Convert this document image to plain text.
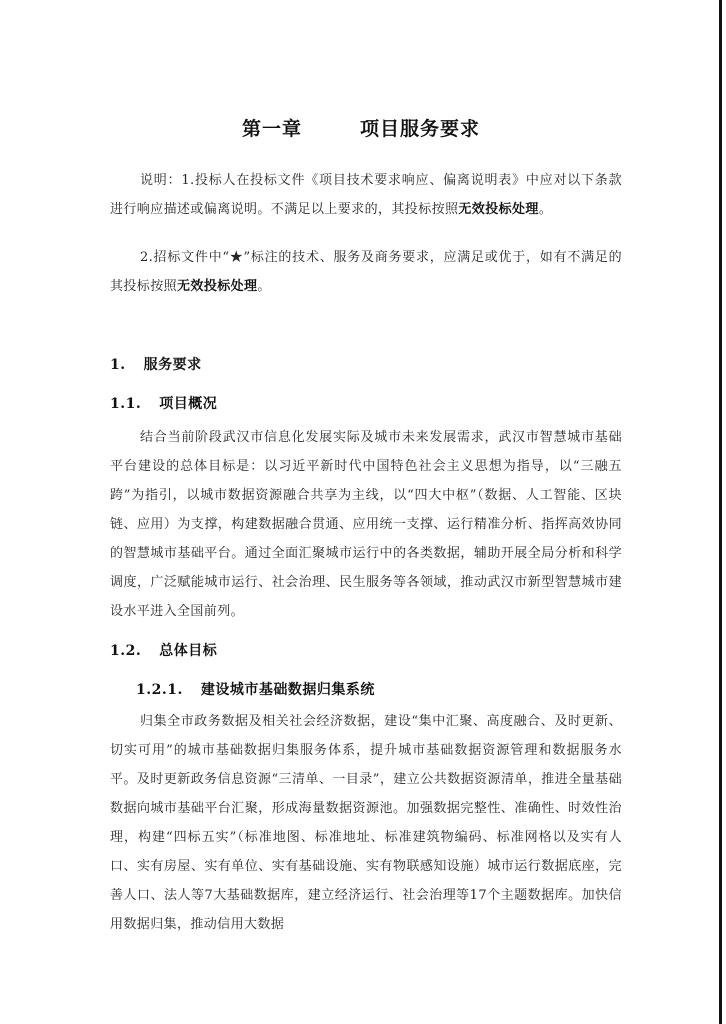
第一章	项目服务要求
说明：1.投标人在投标文件《项目技术要求响应、偏离说明表》中应对以下条款进行响应描述或偏离说明。不满足以上要求的，其投标按照无效投标处理。
2.招标文件中“★”标注的技术、服务及商务要求，应满足或优于，如有不满足的其投标按照无效投标处理。
1. 服务要求
1.1. 项目概况
结合当前阶段武汉市信息化发展实际及城市未来发展需求，武汉市智慧城市基础平台建设的总体目标是：以习近平新时代中国特色社会主义思想为指导，以“三融五跨”为指引，以城市数据资源融合共享为主线，以“四大中枢”（数据、人工智能、区块链、应用）为支撑，构建数据融合贯通、应用统一支撑、运行精准分析、指挥高效协同的智慧城市基础平台。通过全面汇聚城市运行中的各类数据，辅助开展全局分析和科学调度，广泛赋能城市运行、社会治理、民生服务等各领域，推动武汉市新型智慧城市建设水平进入全国前列。
1.2. 总体目标
1.2.1. 建设城市基础数据归集系统
归集全市政务数据及相关社会经济数据，建设“集中汇聚、高度融合、及时更新、切实可用”的城市基础数据归集服务体系，提升城市基础数据资源管理和数据服务水平。及时更新政务信息资源“三清单、一目录”，建立公共数据资源清单，推进全量基础数据向城市基础平台汇聚，形成海量数据资源池。加强数据完整性、准确性、时效性治理，构建“四标五实”（标准地图、标准地址、标准建筑物编码、标准网格以及实有人口、实有房屋、实有单位、实有基础设施、实有物联感知设施）城市运行数据底座，完善人口、法人等7大基础数据库，建立经济运行、社会治理等17个主题数据库。加快信用数据归集，推动信用大数据
